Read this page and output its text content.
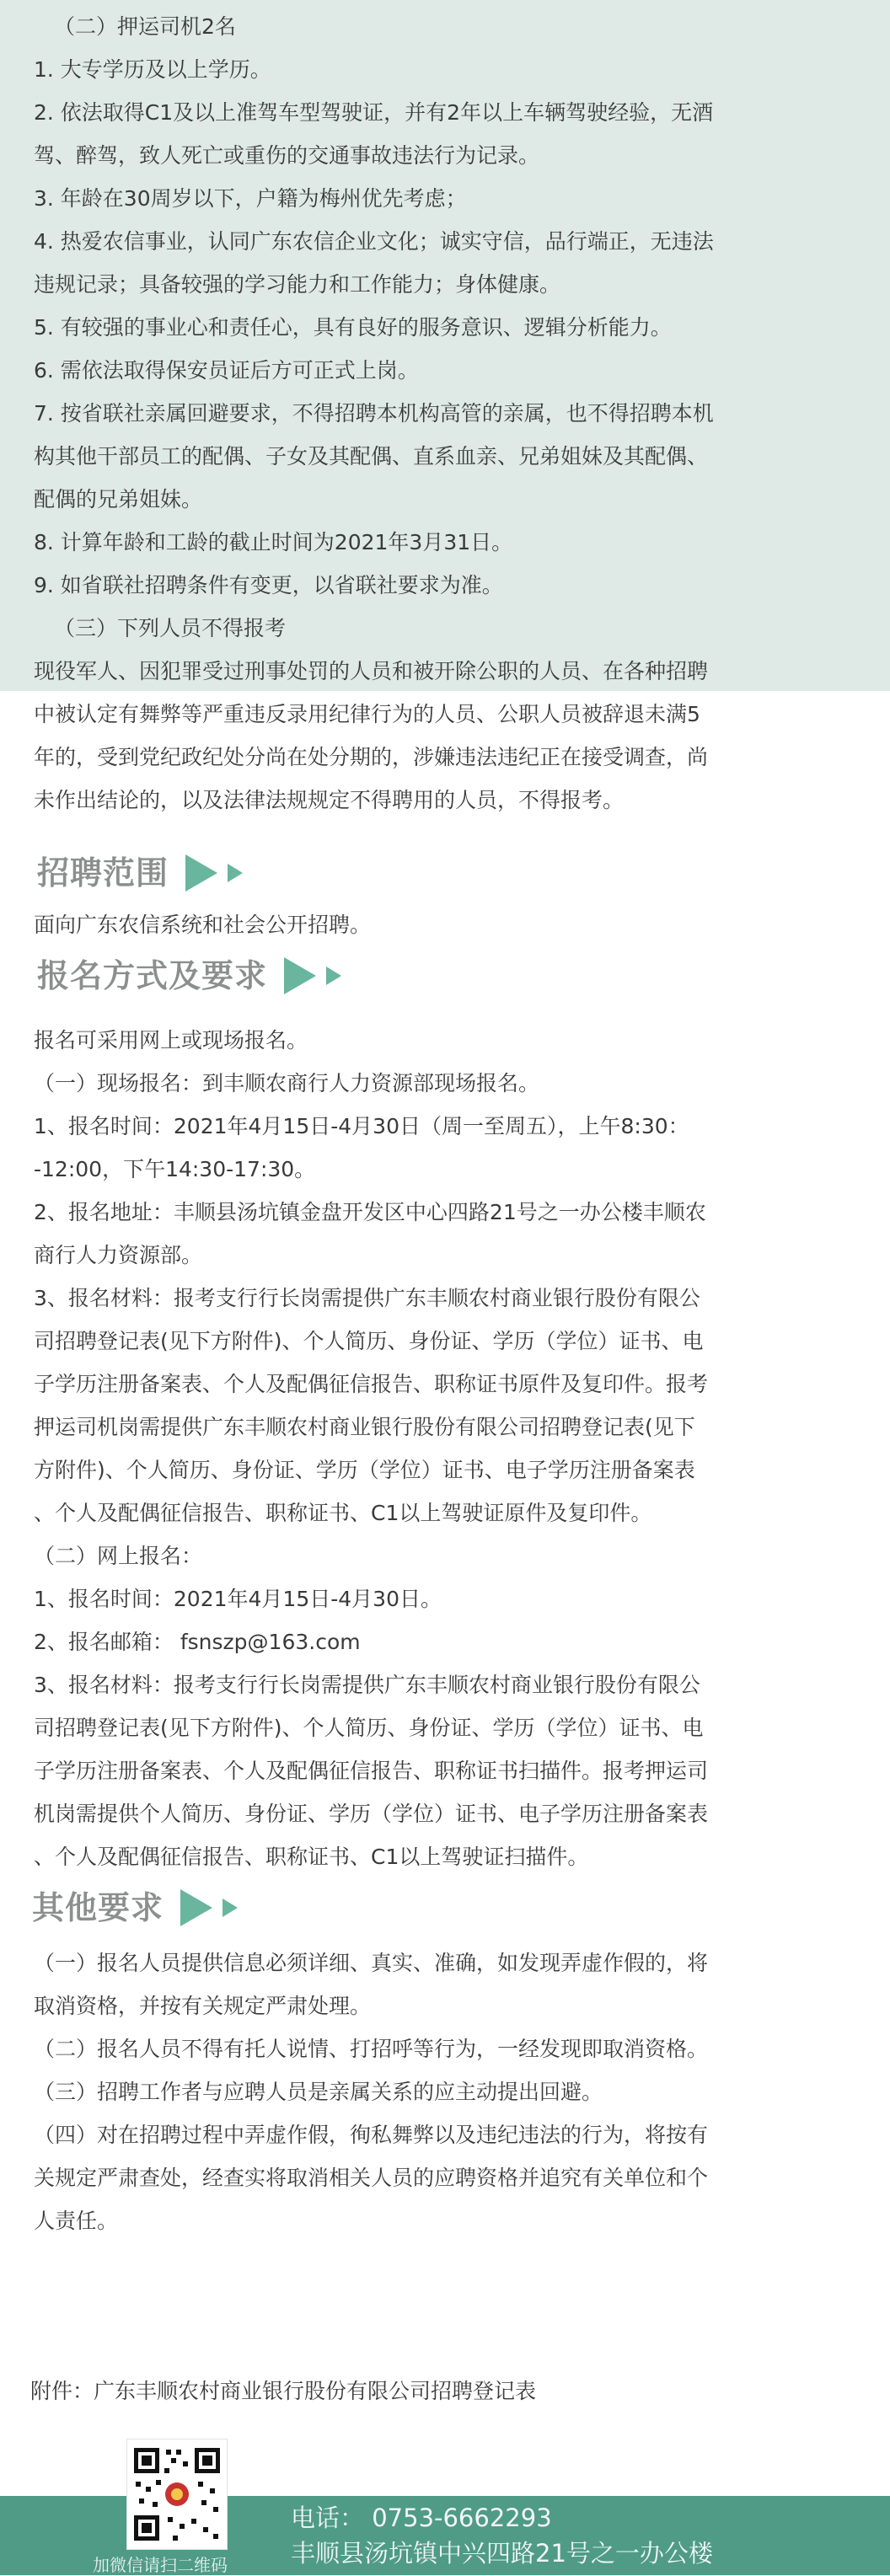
（二）押运司机2名

1. 大专学历及以上学历。

2. 依法取得C1及以上准驾车型驾驶证，并有2年以上车辆驾驶经验，无酒

驾、醉驾，致人死亡或重伤的交通事故违法行为记录。

3. 年龄在30周岁以下，户籍为梅州优先考虑；

4. 热爱农信事业，认同广东农信企业文化；诚实守信，品行端正，无违法

违规记录；具备较强的学习能力和工作能力；身体健康。

5. 有较强的事业心和责任心，具有良好的服务意识、逻辑分析能力。

6. 需依法取得保安员证后方可正式上岗。

7. 按省联社亲属回避要求，不得招聘本机构高管的亲属，也不得招聘本机

构其他干部员工的配偶、子女及其配偶、直系血亲、兄弟姐妹及其配偶、

配偶的兄弟姐妹。

8. 计算年龄和工龄的截止时间为2021年3月31日。

9. 如省联社招聘条件有变更，以省联社要求为准。

（三）下列人员不得报考

现役军人、因犯罪受过刑事处罚的人员和被开除公职的人员、在各种招聘

中被认定有舞弊等严重违反录用纪律行为的人员、公职人员被辞退未满5

年的，受到党纪政纪处分尚在处分期的，涉嫌违法违纪正在接受调查，尚

未作出结论的，以及法律法规规定不得聘用的人员，不得报考。

招聘范围

面向广东农信系统和社会公开招聘。

报名方式及要求

报名可采用网上或现场报名。

（一）现场报名：到丰顺农商行人力资源部现场报名。

1、报名时间：2021年4月15日-4月30日（周一至周五），上午8:30：

-12:00，下午14:30-17:30。

2、报名地址：丰顺县汤坑镇金盘开发区中心四路21号之一办公楼丰顺农

商行人力资源部。

3、报名材料：报考支行行长岗需提供广东丰顺农村商业银行股份有限公

司招聘登记表(见下方附件)、个人简历、身份证、学历（学位）证书、电

子学历注册备案表、个人及配偶征信报告、职称证书原件及复印件。报考

押运司机岗需提供广东丰顺农村商业银行股份有限公司招聘登记表(见下

方附件)、个人简历、身份证、学历（学位）证书、电子学历注册备案表

、个人及配偶征信报告、职称证书、C1以上驾驶证原件及复印件。

（二）网上报名：

1、报名时间：2021年4月15日-4月30日。

2、报名邮箱： fsnszp@163.com

3、报名材料：报考支行行长岗需提供广东丰顺农村商业银行股份有限公

司招聘登记表(见下方附件)、个人简历、身份证、学历（学位）证书、电

子学历注册备案表、个人及配偶征信报告、职称证书扫描件。报考押运司

机岗需提供个人简历、身份证、学历（学位）证书、电子学历注册备案表

、个人及配偶征信报告、职称证书、C1以上驾驶证扫描件。

其他要求

（一）报名人员提供信息必须详细、真实、准确，如发现弄虚作假的，将

取消资格，并按有关规定严肃处理。

（二）报名人员不得有托人说情、打招呼等行为，一经发现即取消资格。

（三）招聘工作者与应聘人员是亲属关系的应主动提出回避。

（四）对在招聘过程中弄虚作假，徇私舞弊以及违纪违法的行为，将按有

关规定严肃查处，经查实将取消相关人员的应聘资格并追究有关单位和个

人责任。

附件：广东丰顺农村商业银行股份有限公司招聘登记表

加微信请扫二维码
电话： 0753-6662293
丰顺县汤坑镇中兴四路21号之一办公楼
